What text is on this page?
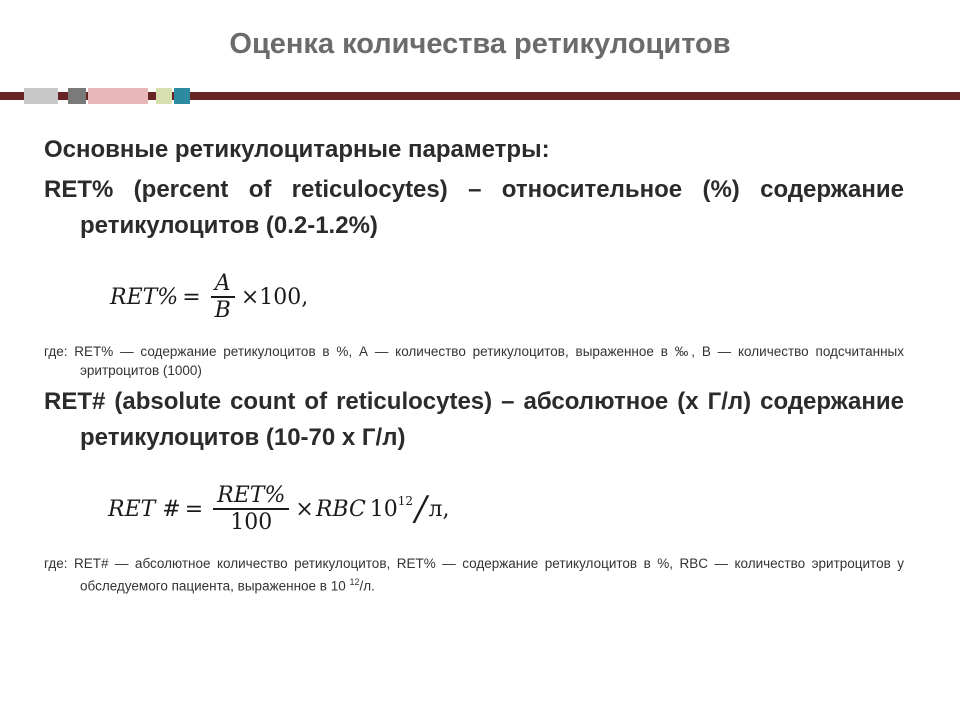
Оценка количества ретикулоцитов

Основные ретикулоцитарные параметры:

RET% (percent of reticulocytes) – относительное (%) содержание ретикулоцитов (0.2-1.2%)

$RET\% = \frac{A}{B} \times 100$,

где: RET% — содержание ретикулоцитов в %, А — количество ретикулоцитов, выраженное в ‰, В — количество подсчитанных эритроцитов (1000)

RET# (absolute count of reticulocytes) – абсолютное (х Г/л) содержание ретикулоцитов (10-70 х Г/л)

RET # = $\frac{\text{RET\%}}{100}$ × RBC $10^{12}$ / л,

где: RET# — абсолютное количество ретикулоцитов, RET% — содержание ретикулоцитов в %, RBC — количество эритроцитов у обследуемого пациента, выраженное в 10 $^{12}$/л.
